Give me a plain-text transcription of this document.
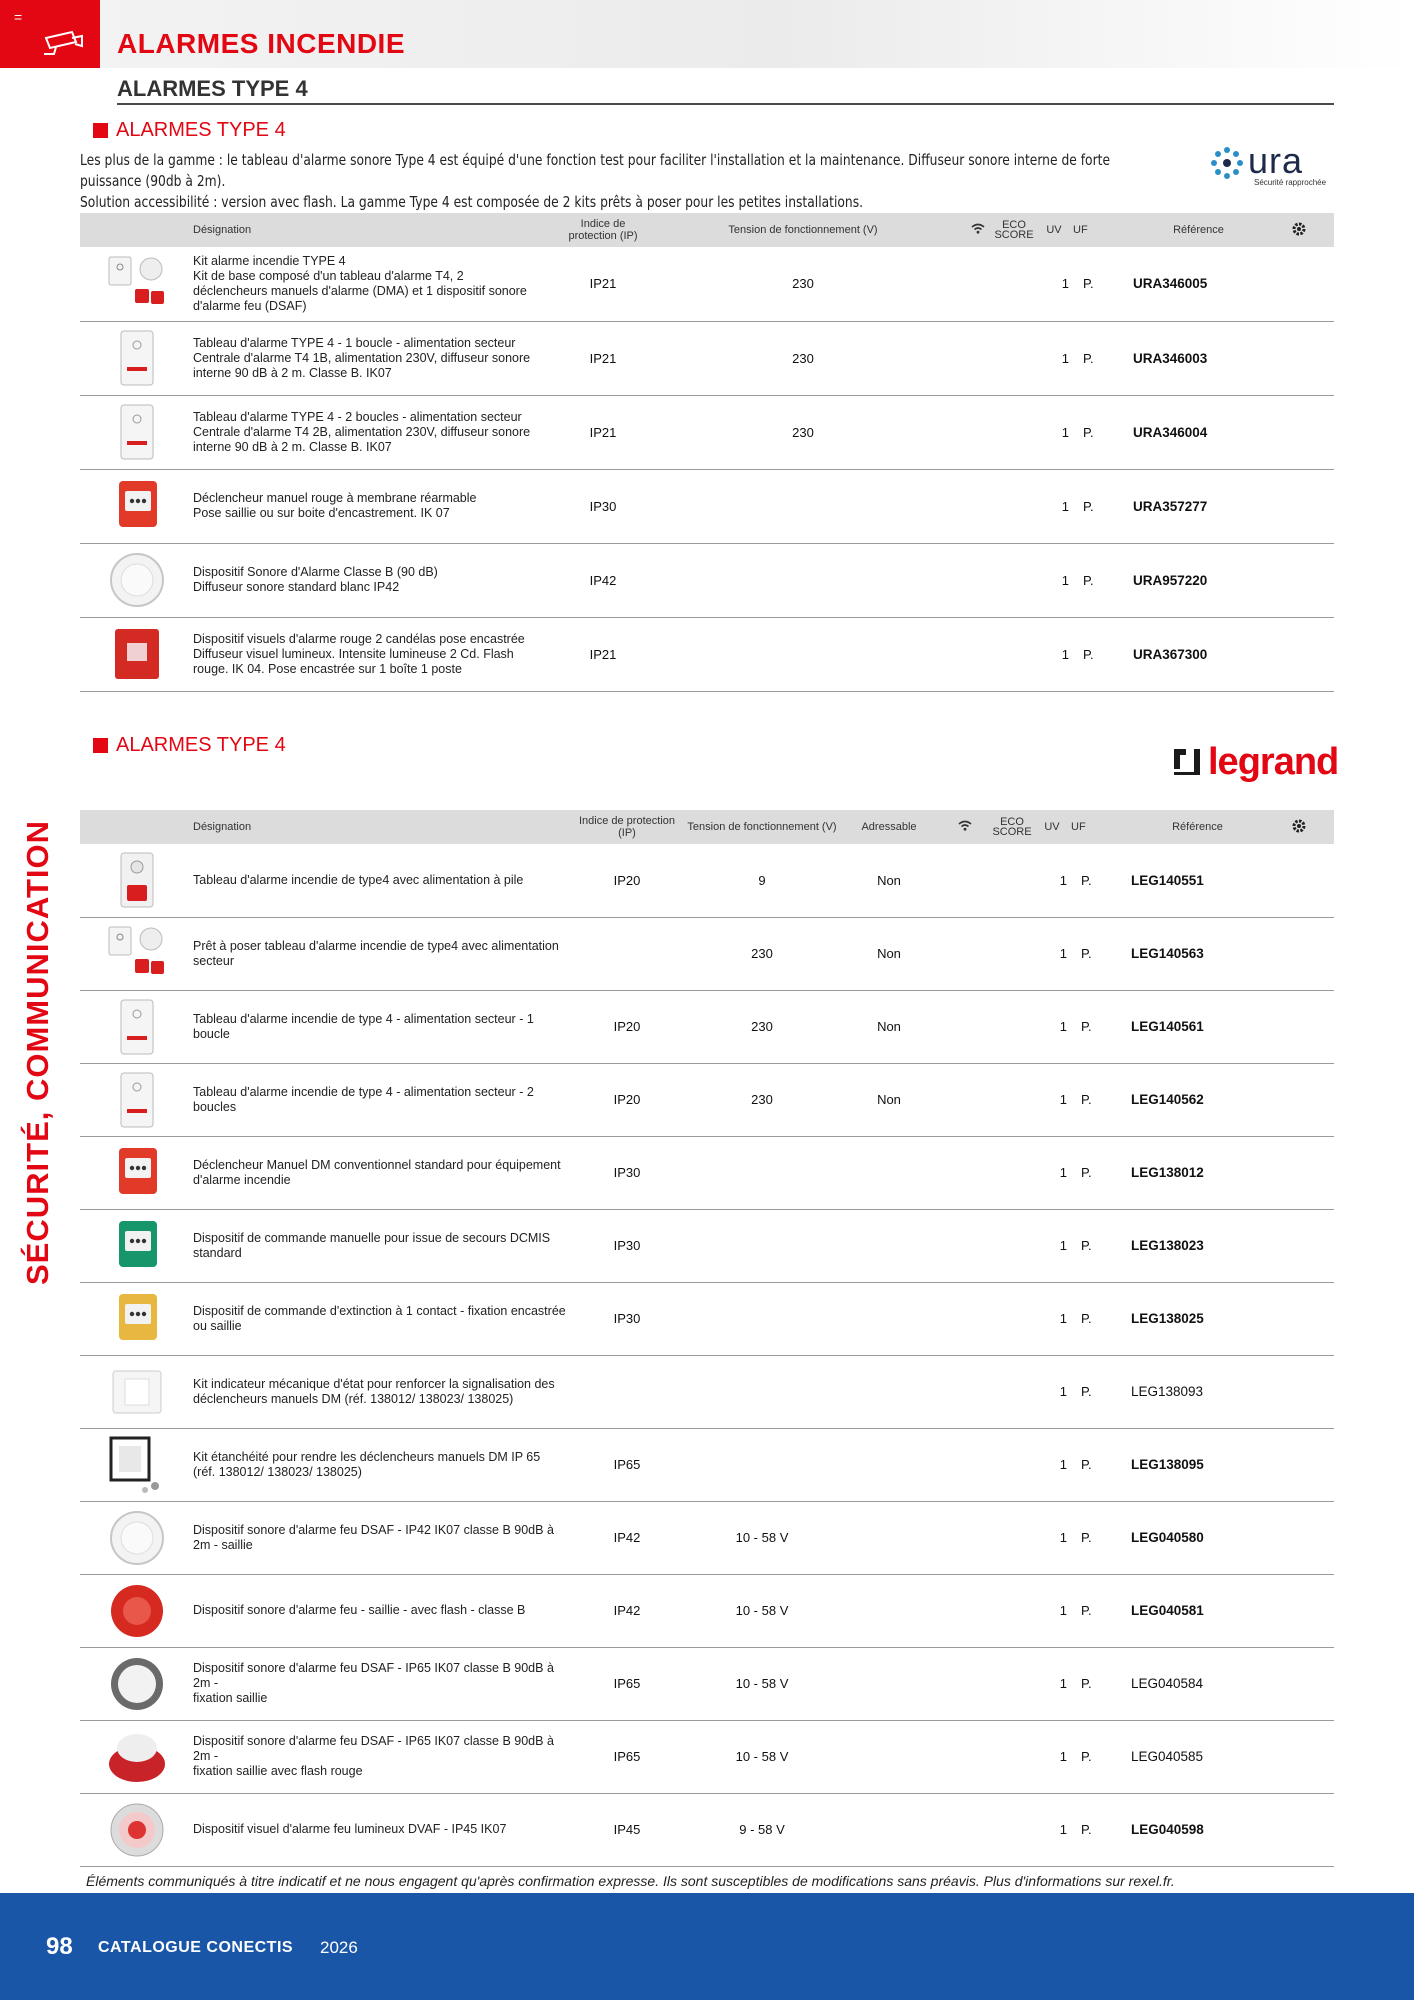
=
ALARMES INCENDIE
ALARMES TYPE 4
SÉCURITÉ, COMMUNICATION
ALARMES TYPE 4
Les plus de la gamme : le tableau d'alarme sonore Type 4 est équipé d'une fonction test pour faciliter l'installation et la maintenance. Diffuseur sonore interne de forte puissance (90db à 2m).
Solution accessibilité : version avec flash. La gamme Type 4 est composée de 2 kits prêts à poser pour les petites installations.
ura
Sécurité rapprochée
	Désignation	Indice de protection (IP)	Tension de fonctionnement (V)		ECO SCORE	UV	UF	Référence	

Kit alarme incendie TYPE 4
Kit de base composé d'un tableau d'alarme T4, 2
déclencheurs manuels d'alarme (DMA) et 1 dispositif sonore
d'alarme feu (DSAF)	IP21	230			1	P.	URA346005	

Tableau d'alarme TYPE 4 - 1 boucle - alimentation secteur
Centrale d'alarme T4 1B, alimentation 230V, diffuseur sonore
interne 90 dB à 2 m. Classe B. IK07	IP21	230			1	P.	URA346003	

Tableau d'alarme TYPE 4 - 2 boucles - alimentation secteur
Centrale d'alarme T4 2B, alimentation 230V, diffuseur sonore
interne 90 dB à 2 m. Classe B. IK07	IP21	230			1	P.	URA346004	

Déclencheur manuel rouge à membrane réarmable
Pose saillie ou sur boite d'encastrement. IK 07	IP30				1	P.	URA357277	

Dispositif Sonore d'Alarme Classe B (90 dB)
Diffuseur sonore standard blanc IP42	IP42				1	P.	URA957220	

Dispositif visuels d'alarme rouge 2 candélas pose encastrée
Diffuseur visuel lumineux. Intensite lumineuse 2 Cd. Flash
rouge. IK 04. Pose encastrée sur 1 boîte 1 poste	IP21				1	P.	URA367300	
ALARMES TYPE 4	legrand
	Désignation	Indice de protection (IP)	Tension de fonctionnement (V)	Adressable		ECO SCORE	UV	UF	Référence	

Tableau d'alarme incendie de type4 avec alimentation à pile	IP20	9	Non			1	P.	LEG140551	

Prêt à poser tableau d'alarme incendie de type4 avec alimentation secteur		230	Non			1	P.	LEG140563	

Tableau d'alarme incendie de type 4 - alimentation secteur - 1 boucle	IP20	230	Non			1	P.	LEG140561	

Tableau d'alarme incendie de type 4 - alimentation secteur - 2 boucles	IP20	230	Non			1	P.	LEG140562	

Déclencheur Manuel DM conventionnel standard pour équipement
d'alarme incendie	IP30					1	P.	LEG138012	

Dispositif de commande manuelle pour issue de secours DCMIS standard	IP30					1	P.	LEG138023	

Dispositif de commande d'extinction à 1 contact - fixation encastrée
ou saillie	IP30					1	P.	LEG138025	

Kit indicateur mécanique d'état pour renforcer la signalisation des
déclencheurs manuels DM (réf. 138012/ 138023/ 138025)						1	P.	LEG138093	

Kit étanchéité pour rendre les déclencheurs manuels DM IP 65
(réf. 138012/ 138023/ 138025)	IP65					1	P.	LEG138095	

Dispositif sonore d'alarme feu DSAF - IP42 IK07 classe B 90dB à 2m - saillie	IP42	10 - 58 V				1	P.	LEG040580	

Dispositif sonore d'alarme feu - saillie - avec flash - classe B	IP42	10 - 58 V				1	P.	LEG040581	

Dispositif sonore d'alarme feu DSAF - IP65 IK07 classe B 90dB à 2m -
fixation saillie	IP65	10 - 58 V				1	P.	LEG040584	

Dispositif sonore d'alarme feu DSAF - IP65 IK07 classe B 90dB à 2m -
fixation saillie avec flash rouge	IP65	10 - 58 V				1	P.	LEG040585	

Dispositif visuel d'alarme feu lumineux DVAF - IP45 IK07	IP45	9 - 58 V				1	P.	LEG040598	
Éléments communiqués à titre indicatif et ne nous engagent qu'après confirmation expresse. Ils sont susceptibles de modifications sans préavis. Plus d'informations sur rexel.fr.
98 CATALOGUE CONECTIS 2026
